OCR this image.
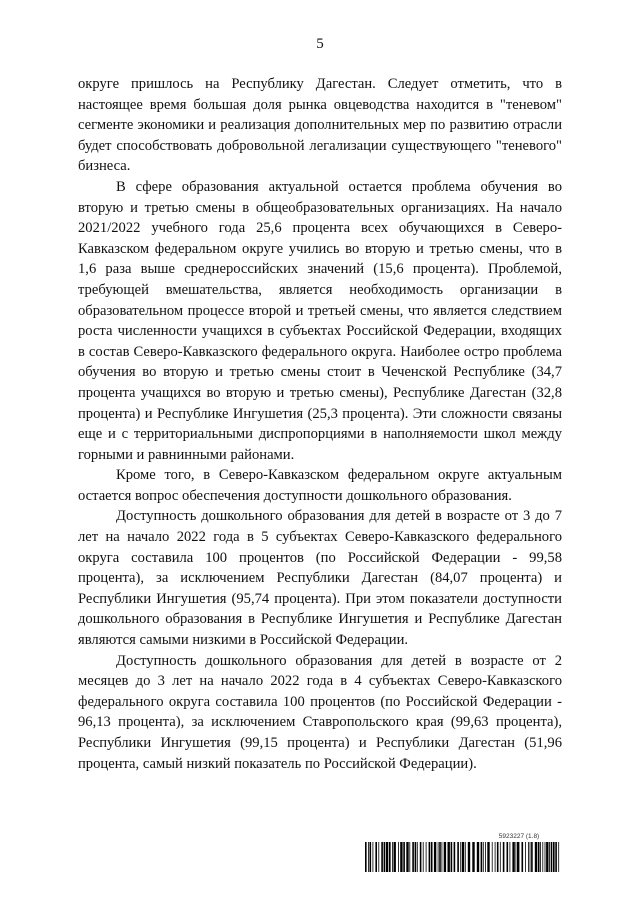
5

округе пришлось на Республику Дагестан. Следует отметить, что в настоящее время большая доля рынка овцеводства находится в "теневом" сегменте экономики и реализация дополнительных мер по развитию отрасли будет способствовать добровольной легализации существующего "теневого" бизнеса.

В сфере образования актуальной остается проблема обучения во вторую и третью смены в общеобразовательных организациях. На начало 2021/2022 учебного года 25,6 процента всех обучающихся в Северо-Кавказском федеральном округе учились во вторую и третью смены, что в 1,6 раза выше среднероссийских значений (15,6 процента). Проблемой, требующей вмешательства, является необходимость организации в образовательном процессе второй и третьей смены, что является следствием роста численности учащихся в субъектах Российской Федерации, входящих в состав Северо-Кавказского федерального округа. Наиболее остро проблема обучения во вторую и третью смены стоит в Чеченской Республике (34,7 процента учащихся во вторую и третью смены), Республике Дагестан (32,8 процента) и Республике Ингушетия (25,3 процента). Эти сложности связаны еще и с территориальными диспропорциями в наполняемости школ между горными и равнинными районами.

Кроме того, в Северо-Кавказском федеральном округе актуальным остается вопрос обеспечения доступности дошкольного образования.

Доступность дошкольного образования для детей в возрасте от 3 до 7 лет на начало 2022 года в 5 субъектах Северо-Кавказского федерального округа составила 100 процентов (по Российской Федерации - 99,58 процента), за исключением Республики Дагестан (84,07 процента) и Республики Ингушетия (95,74 процента). При этом показатели доступности дошкольного образования в Республике Ингушетия и Республике Дагестан являются самыми низкими в Российской Федерации.

Доступность дошкольного образования для детей в возрасте от 2 месяцев до 3 лет на начало 2022 года в 4 субъектах Северо-Кавказского федерального округа составила 100 процентов (по Российской Федерации - 96,13 процента), за исключением Ставропольского края (99,63 процента), Республики Ингушетия (99,15 процента) и Республики Дагестан (51,96 процента, самый низкий показатель по Российской Федерации).

5923227 (1.8)
